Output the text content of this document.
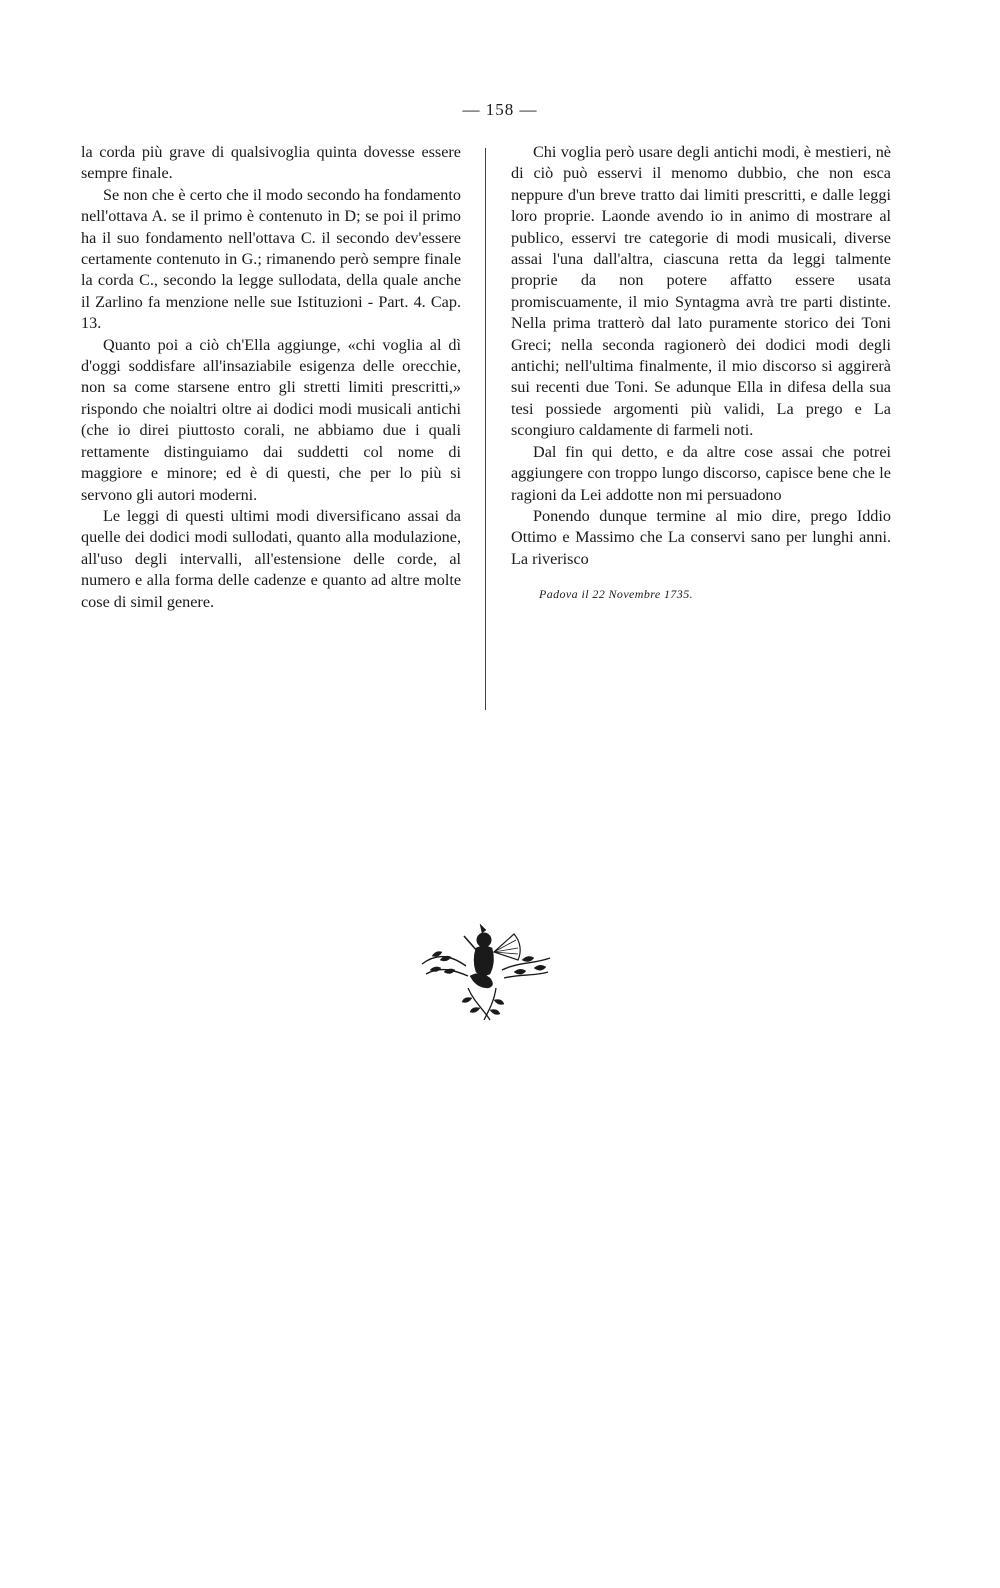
— 158 —

la corda più grave di qualsivoglia quinta dovesse essere sempre finale.

Se non che è certo che il modo secondo ha fondamento nell'ottava A. se il primo è contenuto in D; se poi il primo ha il suo fondamento nell'ottava C. il secondo dev'essere certamente contenuto in G.; rimanendo però sempre finale la corda C., secondo la legge sullodata, della quale anche il Zarlino fa menzione nelle sue Istituzioni - Part. 4. Cap. 13.

Quanto poi a ciò ch'Ella aggiunge, «chi voglia al dì d'oggi soddisfare all'insaziabile esigenza delle orecchie, non sa come starsene entro gli stretti limiti prescritti,» rispondo che noialtri oltre ai dodici modi musicali antichi (che io direi piuttosto corali, ne abbiamo due i quali rettamente distinguiamo dai suddetti col nome di maggiore e minore; ed è di questi, che per lo più si servono gli autori moderni.

Le leggi di questi ultimi modi diversificano assai da quelle dei dodici modi sullodati, quanto alla modulazione, all'uso degli intervalli, all'estensione delle corde, al numero e alla forma delle cadenze e quanto ad altre molte cose di simil genere.

Chi voglia però usare degli antichi modi, è mestieri, nè di ciò può esservi il menomo dubbio, che non esca neppure d'un breve tratto dai limiti prescritti, e dalle leggi loro proprie. Laonde avendo io in animo di mostrare al publico, esservi tre categorie di modi musicali, diverse assai l'una dall'altra, ciascuna retta da leggi talmente proprie da non potere affatto essere usata promiscuamente, il mio Syntagma avrà tre parti distinte. Nella prima tratterò dal lato puramente storico dei Toni Greci; nella seconda ragionerò dei dodici modi degli antichi; nell'ultima finalmente, il mio discorso si aggirerà sui recenti due Toni. Se adunque Ella in difesa della sua tesi possiede argomenti più validi, La prego e La scongiuro caldamente di farmeli noti.

Dal fin qui detto, e da altre cose assai che potrei aggiungere con troppo lungo discorso, capisce bene che le ragioni da Lei addotte non mi persuadono

Ponendo dunque termine al mio dire, prego Iddio Ottimo e Massimo che La conservi sano per lunghi anni. La riverisco

Padova il 22 Novembre 1735.
